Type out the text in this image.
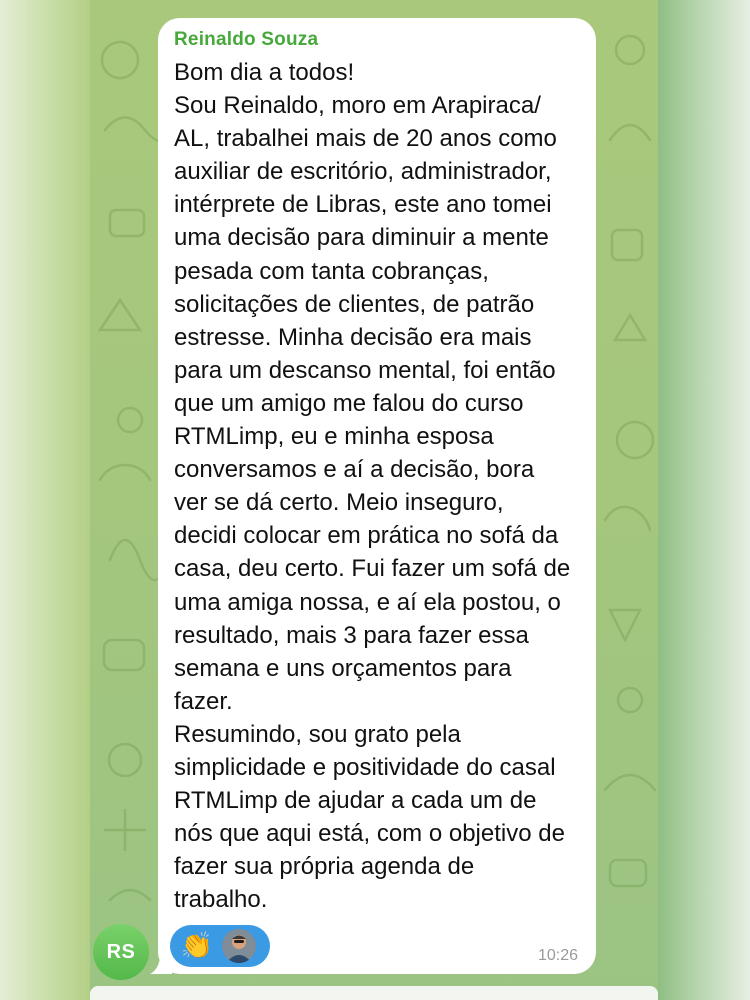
Reinaldo Souza
Bom dia a todos!
Sou Reinaldo, moro em Arapiraca/
AL, trabalhei mais de 20 anos como
auxiliar de escritório, administrador,
intérprete de Libras, este ano tomei
uma decisão para diminuir a mente
pesada com tanta cobranças,
solicitações de clientes, de patrão
estresse. Minha decisão era mais
para um descanso mental, foi então
que um amigo me falou do curso
RTMLimp, eu e minha esposa
conversamos e aí a decisão, bora
ver se dá certo. Meio inseguro,
decidi colocar em prática no sofá da
casa, deu certo. Fui fazer um sofá de
uma amiga nossa, e aí ela postou, o
resultado, mais 3 para fazer essa
semana e uns orçamentos para
fazer.
Resumindo, sou grato pela
simplicidade e positividade do casal
RTMLimp de ajudar a cada um de
nós que aqui está, com o objetivo de
fazer sua própria agenda de
trabalho.
👏	10:26
RS
